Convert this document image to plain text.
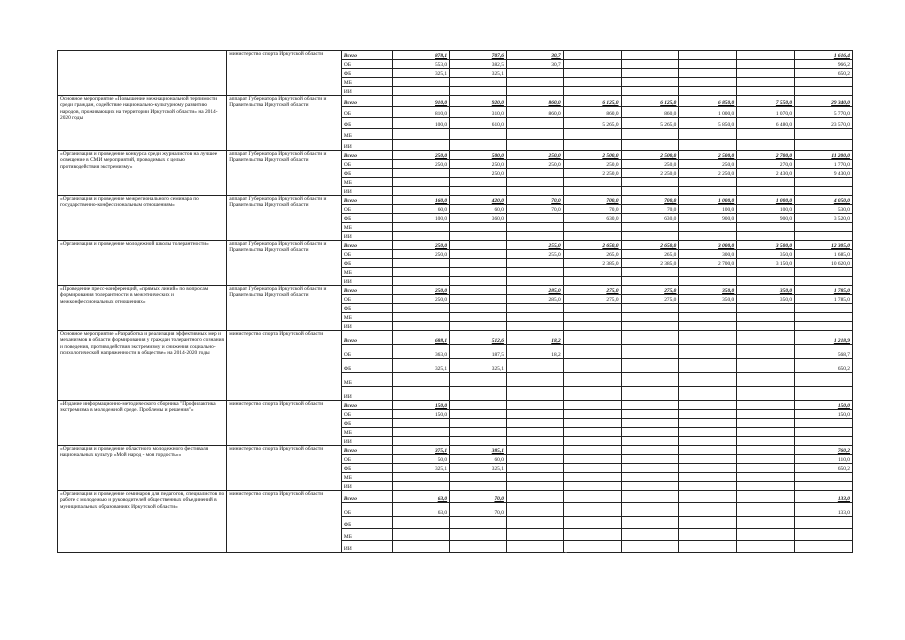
	министерство спорта Иркутской области	Всего	878,1	707,6	30,7					1 616,4
		ОБ	553,0	382,5	30,7					966,2
		ФБ	325,1	325,1						650,2
		МБ								
		ИИ								
Основное мероприятие «Повышение межнациональной терпимости среди граждан, содействие национально-культурному развитию народов, проживающих на территории Иркутской области» на 2014-2020 годы	аппарат Губернатора Иркутской области и Правительства Иркутской области	Всего	910,0	920,0	860,0	6 125,0	6 125,0	6 850,0	7 550,0	29 340,0
		ОБ	810,0	310,0	860,0	860,0	860,0	1 000,0	1 070,0	5 770,0
		ФБ	100,0	610,0		5 265,0	5 265,0	5 850,0	6 480,0	23 570,0
		МБ								
		ИИ								
«Организация и проведение конкурса среди журналистов на лучшее освещение в СМИ мероприятий, проводимых с целью противодействия экстремизму»	аппарат Губернатора Иркутской области и Правительства Иркутской области	Всего	250,0	500,0	250,0	2 500,0	2 500,0	2 500,0	2 700,0	11 200,0
		ОБ	250,0	250,0	250,0	250,0	250,0	250,0	270,0	1 770,0
		ФБ		250,0		2 250,0	2 250,0	2 250,0	2 430,0	9 430,0
		МБ								
		ИИ								
«Организация и проведение межрегионального семинара по государственно-конфессиональным отношениям»	аппарат Губернатора Иркутской области и Правительства Иркутской области	Всего	160,0	420,0	70,0	700,0	700,0	1 000,0	1 000,0	4 050,0
		ОБ	60,0	60,0	70,0	70,0	70,0	100,0	100,0	530,0
		ФБ	100,0	360,0		630,0	630,0	900,0	900,0	3 520,0
		МБ								
		ИИ								
«Организация и проведение молодежной школы толерантности»	аппарат Губернатора Иркутской области и Правительства Иркутской области	Всего	250,0		255,0	2 650,0	2 650,0	3 000,0	3 500,0	12 305,0
		ОБ	250,0		255,0	265,0	265,0	300,0	350,0	1 685,0
		ФБ				2 385,0	2 385,0	2 700,0	3 150,0	10 620,0
		МБ								
		ИИ								
«Проведение пресс-конференций, «прямых линий» по вопросам формирования толерантности в межэтнических и межконфессиональных отношениях»	аппарат Губернатора Иркутской области и Правительства Иркутской области	Всего	250,0		285,0	275,0	275,0	350,0	350,0	1 785,0
		ОБ	250,0		285,0	275,0	275,0	350,0	350,0	1 785,0
		ФБ								
		МБ								
		ИИ								
Основное мероприятие «Разработка и реализация эффективных мер и механизмов в области формирования у граждан толерантного сознания и поведения, противодействия экстремизму и снижения социально-психологической напряженности в обществе» на 2014-2020 годы	министерство спорта Иркутской области	Всего	688,1	512,6	18,2					1 218,9
		ОБ	363,0	187,5	18,2					568,7
		ФБ	325,1	325,1						650,2
		МБ								
		ИИ								
«Издание информационно-методического сборника "Профилактика экстремизма в молодежной среде. Проблемы и решения"»	министерство спорта Иркутской области	Всего	150,0							150,0
		ОБ	150,0							150,0
		ФБ								
		МБ								
		ИИ								
«Организация и проведение областного молодежного фестиваля национальных культур «Мой народ - моя гордость»»	министерство спорта Иркутской области	Всего	375,1	385,1						760,2
		ОБ	50,0	60,0						110,0
		ФБ	325,1	325,1						650,2
		МБ								
		ИИ								
«Организация и проведение семинаров для педагогов, специалистов по работе с молодежью и руководителей общественных объединений в муниципальных образованиях Иркутской области»	министерство спорта Иркутской области	Всего	63,0	70,0						133,0
		ОБ	63,0	70,0						133,0
		ФБ								
		МБ								
		ИИ								
